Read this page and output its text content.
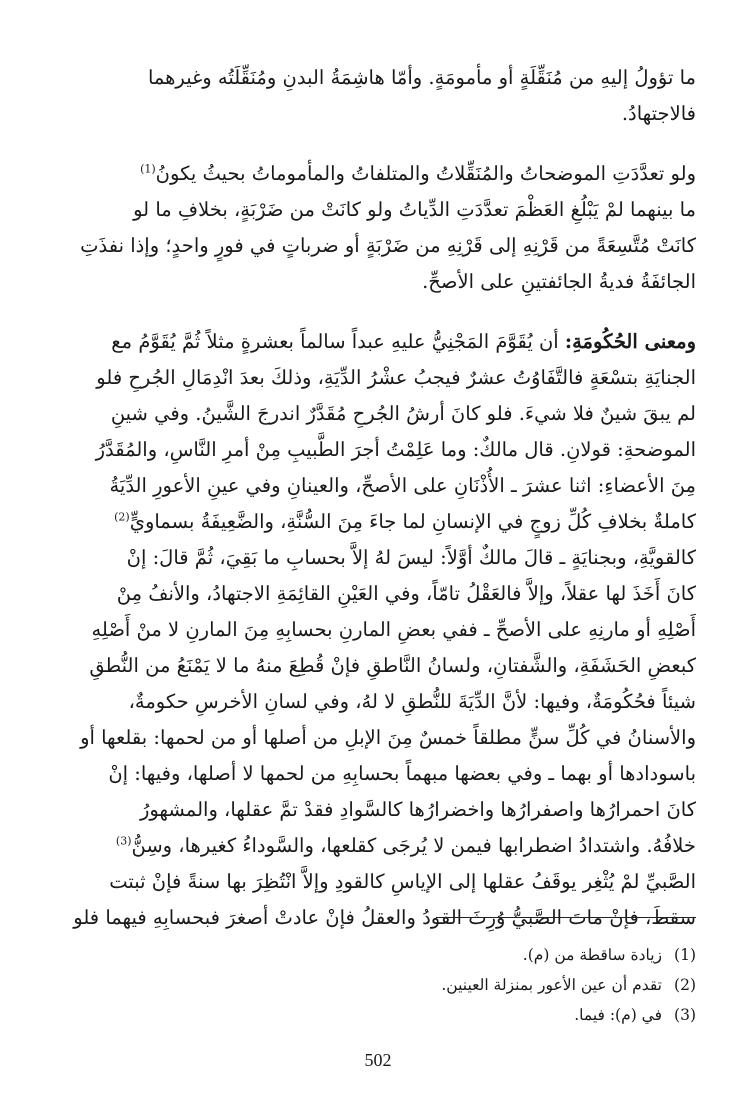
ما تؤولُ إليهِ من مُنَقِّلَةٍ أو مأمومَةٍ. وأمّا هاشِمَةُ البدنِ ومُنَقِّلَتُه وغيرهما
فالاجتهادُ.
ولو تعدَّدَتِ الموضحاتُ والمُنَقِّلاتُ والمتلفاتُ والمأموماتُ بحيثُ يكونُ$^{(1)}$
ما بينهما لمْ يَبْلُغِ العَظْمَ تعدَّدَتِ الدِّياتُ ولو كانَتْ من ضَرْبَةٍ، بخلافِ ما لو
كانَتْ مُتَّسِعَةً من قَرْنِهِ إلى قَرْنِهِ من ضَرْبَةٍ أو ضرباتٍ في فورٍ واحدٍ؛ وإذا نفذَتِ
الجائفَةُ فديةُ الجائفتينِ على الأصحِّ.
ومعنى الحُكُومَةِ: أن يُقَوَّمَ المَجْنِيُّ عليهِ عبداً سالماً بعشرةٍ مثلاً ثُمَّ يُقَوَّمُ مع
الجنايَةِ بتسْعَةٍ فالتَّفَاوُتُ عشرٌ فيجبُ عشْرُ الدِّيَةِ، وذلكَ بعدَ انْدِمَالِ الجُرحِ فلو
لم يبقَ شينٌ فلا شيءَ. فلو كانَ أرشُ الجُرحِ مُقَدَّرٌ اندرجَ الشَّينُ. وفي شينِ
الموضحةِ: قولانِ. قال مالكٌ: وما عَلِمْتُ أجرَ الطَّبيبِ مِنْ أمرِ النَّاسِ، والمُقَدَّرُ
مِنَ الأعضاءِ: اثنا عشرَ ـ الأُذْنَانِ على الأصحِّ، والعينانِ وفي عينِ الأعورِ الدِّيَةُ
كاملةٌ بخلافِ كُلِّ زوجٍ في الإنسانِ لما جاءَ مِنَ السُّنَّةِ، والضَّعِيفَةُ بسماويٍّ$^{(2)}$
كالقويَّةِ، وبجنايَةٍ ـ قالَ مالكٌ أوَّلاً: ليسَ لهُ إلاَّ بحسابِ ما بَقِيَ، ثُمَّ قالَ: إنْ
كانَ أَخَذَ لها عقلاً، وإلاَّ فالعَقْلُ تامّاً، وفي العَيْنِ القائِمَةِ الاجتهادُ، والأنفُ مِنْ
أَصْلِهِ أو مارنِهِ على الأصحِّ ـ ففي بعضِ المارنِ بحسابِهِ مِنَ المارنِ لا منْ أَصْلِهِ
كبعضِ الحَشَفَةِ، والشَّفتانِ، ولسانُ النَّاطقِ فإنْ قُطِعَ منهُ ما لا يَمْنَعُ من النُّطقِ
شيئاً فحُكُومَةٌ، وفيها: لأنَّ الدِّيَةَ للنُّطقِ لا لهُ، وفي لسانِ الأخرسِ حكومةٌ،
والأسنانُ في كُلِّ سنٍّ مطلقاً خمسٌ مِنَ الإبلِ من أصلها أو من لحمها: بقلعها أو
باسودادها أو بهما ـ وفي بعضها مبهماً بحسابِهِ من لحمها لا أصلها، وفيها: إنْ
كانَ احمرارُها واصفرارُها واخضرارُها كالسَّوادِ فقدْ تمَّ عقلها، والمشهورُ
خلافُهُ. واشتدادُ اضطرابها فيمن لا يُرجَى كقلعها، والسَّوداءُ كغيرها، وسِنُّ$^{(3)}$
الصَّبيِّ لمْ يُثْغِر يوقَفُ عقلها إلى الإياسِ كالقودِ وإلاَّ انْتُظِرَ بها سنةً فإنْ ثبتت
سقطَ، فإنْ ماتَ الصَّبيُّ وُرِثَ القودُ والعقلُ فإنْ عادتْ أصغرَ فبحسابِهِ فيهما فلو
(1)
زيادة ساقطة من (م).
(2)
تقدم أن عين الأعور بمنزلة العينين.
(3)
في (م): فيما.
502
